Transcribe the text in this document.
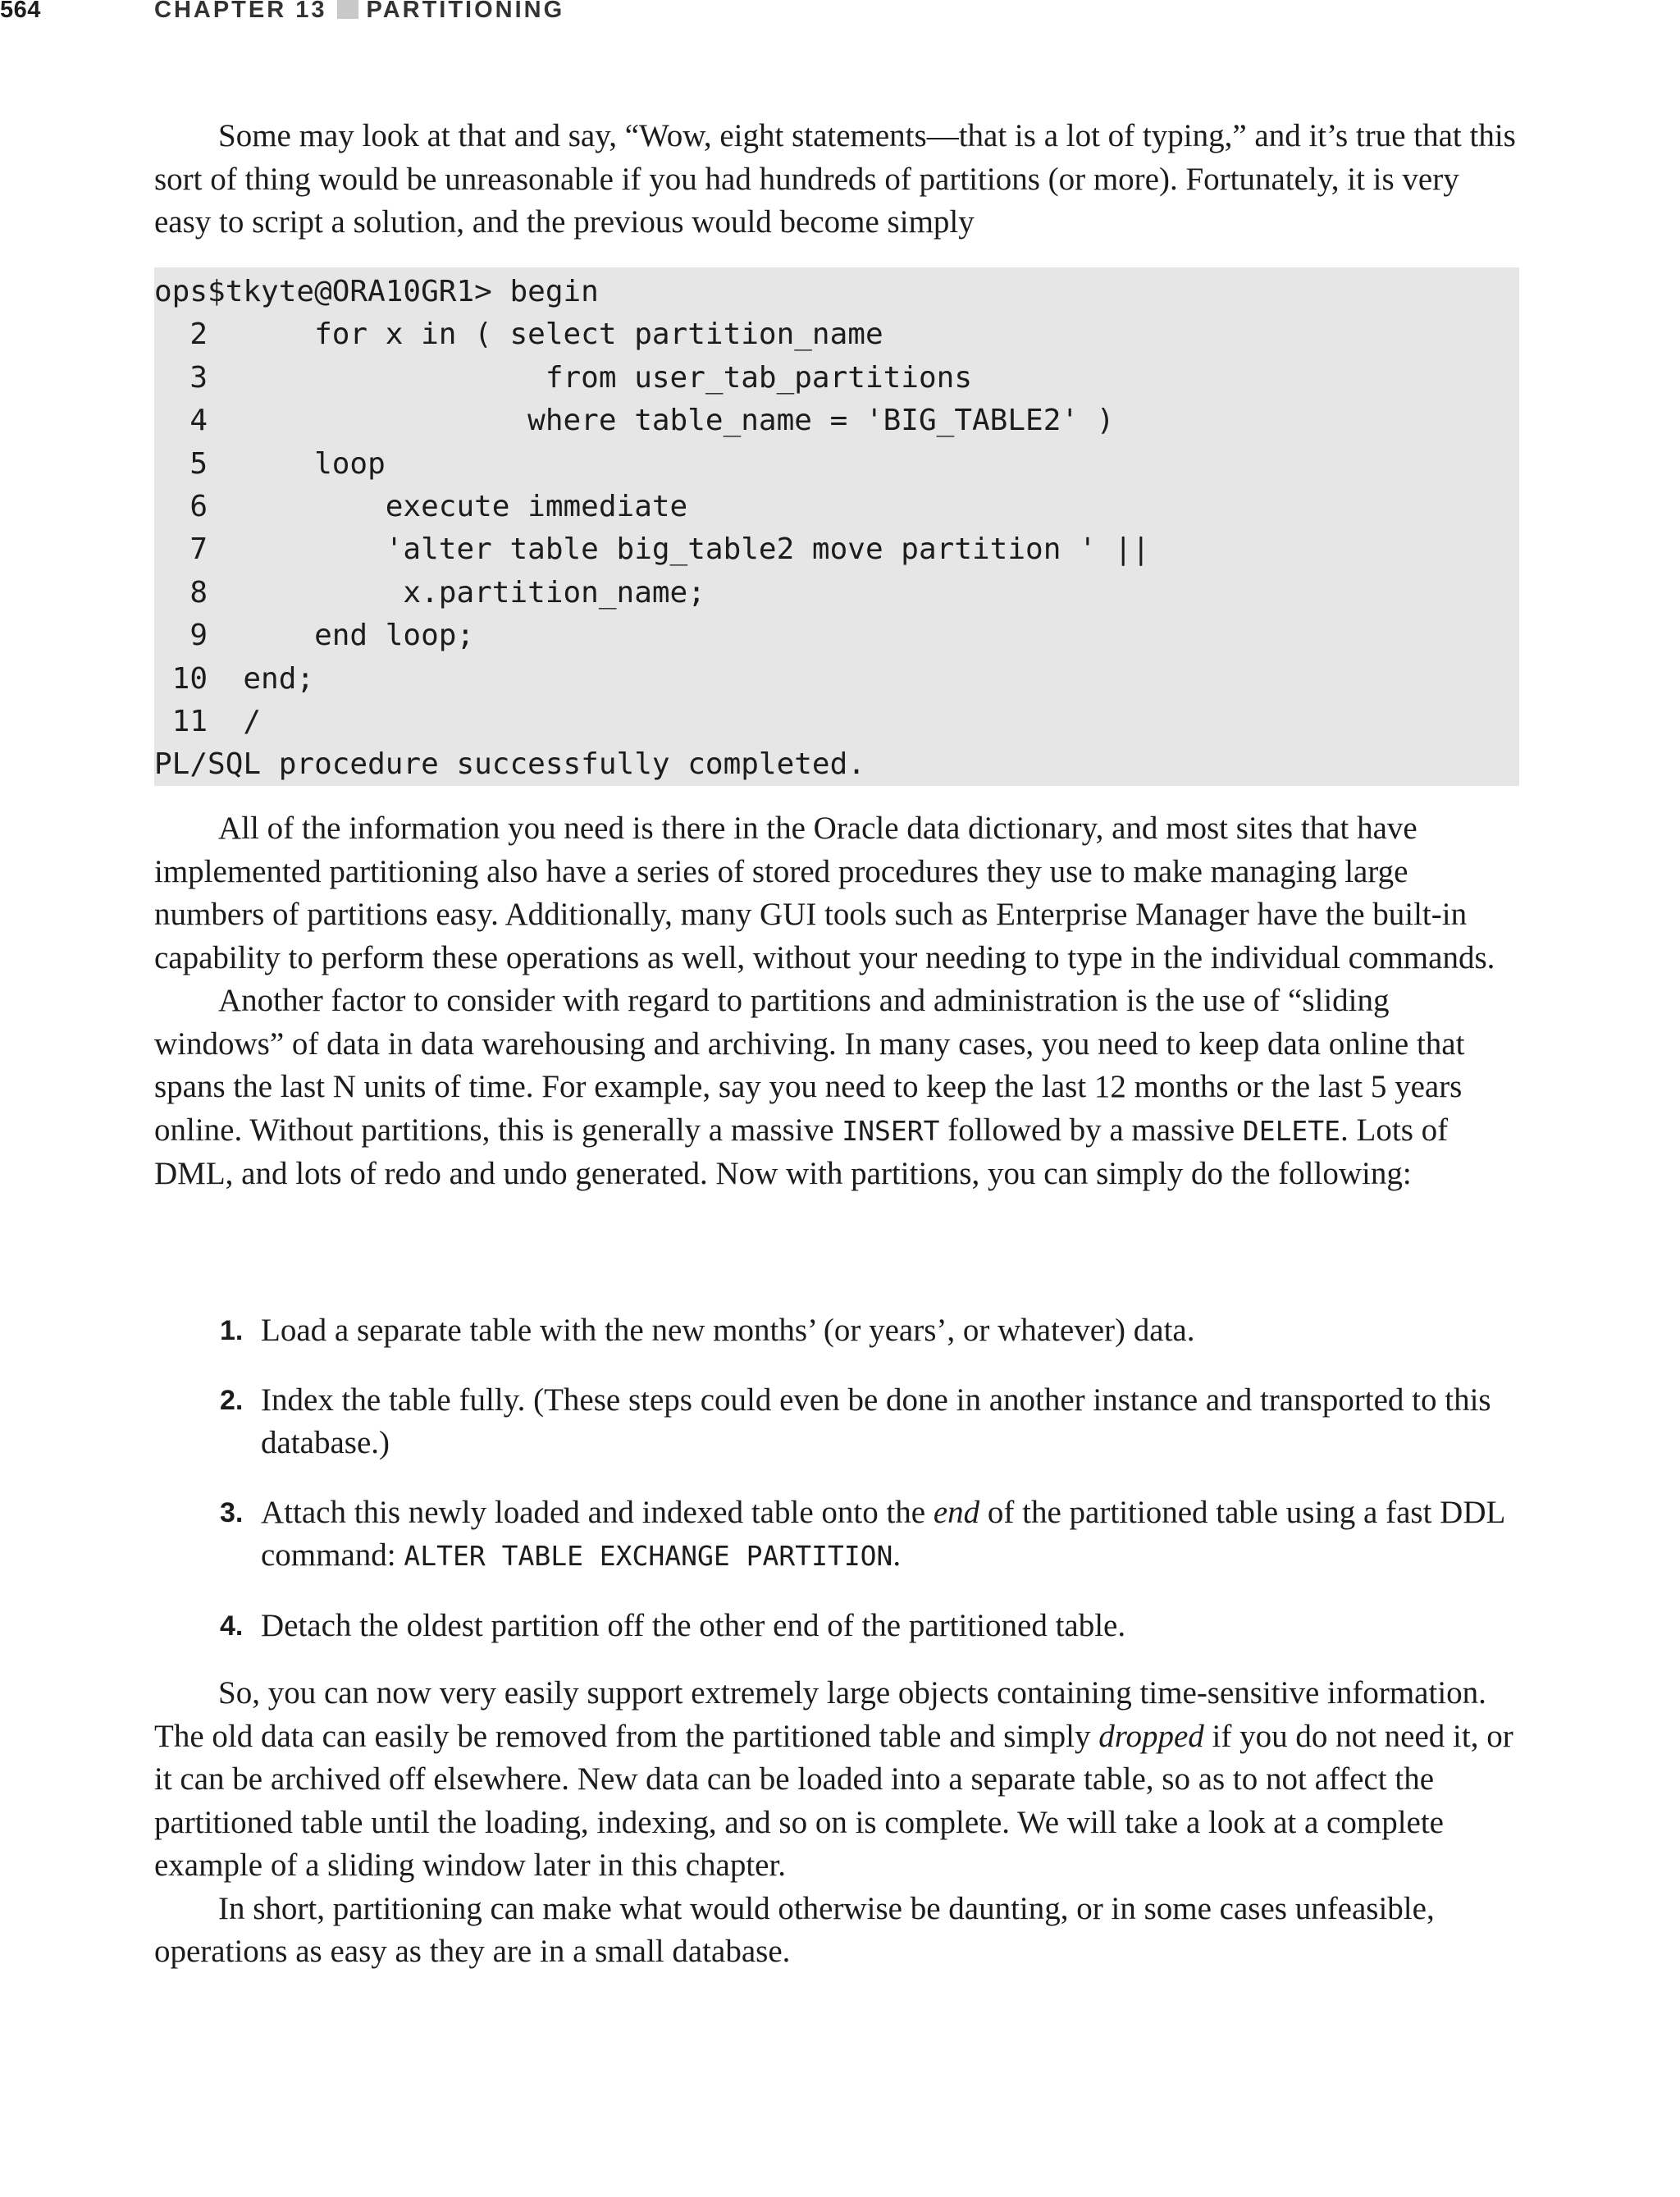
564	CHAPTER 13 PARTITIONING

Some may look at that and say, “Wow, eight statements—that is a lot of typing,” and it’s true that this sort of thing would be unreasonable if you had hundreds of partitions (or more). Fortunately, it is very easy to script a solution, and the previous would become simply

ops$tkyte@ORA10GR1> begin
2      for x in ( select partition_name
3                   from user_tab_partitions
4                  where table_name = 'BIG_TABLE2' )
5      loop
6          execute immediate
7          'alter table big_table2 move partition ' ||
8           x.partition_name;
9      end loop;
10  end;
11  /
PL/SQL procedure successfully completed.

All of the information you need is there in the Oracle data dictionary, and most sites that have implemented partitioning also have a series of stored procedures they use to make managing large numbers of partitions easy. Additionally, many GUI tools such as Enterprise Manager have the built-in capability to perform these operations as well, without your needing to type in the individual commands.

Another factor to consider with regard to partitions and administration is the use of “sliding windows” of data in data warehousing and archiving. In many cases, you need to keep data online that spans the last N units of time. For example, say you need to keep the last 12 months or the last 5 years online. Without partitions, this is generally a massive INSERT followed by a massive DELETE. Lots of DML, and lots of redo and undo generated. Now with partitions, you can simply do the following:

1. Load a separate table with the new months’ (or years’, or whatever) data.
2. Index the table fully. (These steps could even be done in another instance and transported to this database.)
3. Attach this newly loaded and indexed table onto the end of the partitioned table using a fast DDL command: ALTER TABLE EXCHANGE PARTITION.
4. Detach the oldest partition off the other end of the partitioned table.

So, you can now very easily support extremely large objects containing time-sensitive information. The old data can easily be removed from the partitioned table and simply dropped if you do not need it, or it can be archived off elsewhere. New data can be loaded into a separate table, so as to not affect the partitioned table until the loading, indexing, and so on is complete. We will take a look at a complete example of a sliding window later in this chapter.

In short, partitioning can make what would otherwise be daunting, or in some cases unfeasible, operations as easy as they are in a small database.
